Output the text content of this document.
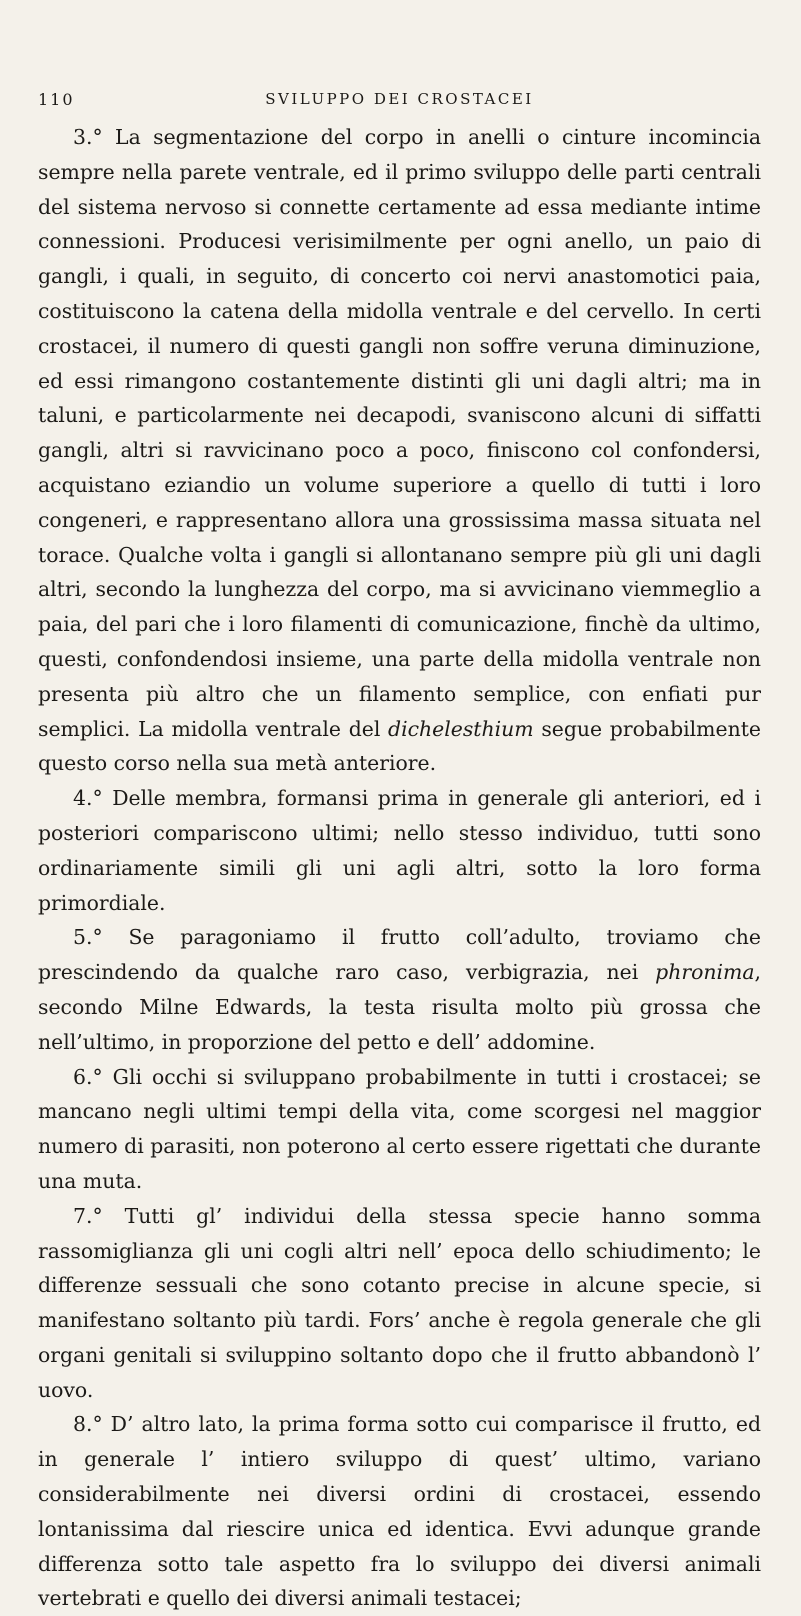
110	SVILUPPO DEI CROSTACEI

3.° La segmentazione del corpo in anelli o cinture incomincia sempre nella parete ventrale, ed il primo sviluppo delle parti centrali del sistema nervoso si connette certamente ad essa mediante intime connessioni. Producesi verisimilmente per ogni anello, un paio di gangli, i quali, in seguito, di concerto coi nervi anastomotici paia, costituiscono la catena della midolla ventrale e del cervello. In certi crostacei, il numero di questi gangli non soffre veruna diminuzione, ed essi rimangono costantemente distinti gli uni dagli altri; ma in taluni, e particolarmente nei decapodi, svaniscono alcuni di siffatti gangli, altri si ravvicinano poco a poco, finiscono col confondersi, acquistano eziandio un volume superiore a quello di tutti i loro congeneri, e rappresentano allora una grossissima massa situata nel torace. Qualche volta i gangli si allontanano sempre più gli uni dagli altri, secondo la lunghezza del corpo, ma si avvicinano viemmeglio a paia, del pari che i loro filamenti di comunicazione, finchè da ultimo, questi, confondendosi insieme, una parte della midolla ventrale non presenta più altro che un filamento semplice, con enfiati pur semplici. La midolla ventrale del dichelesthium segue probabilmente questo corso nella sua metà anteriore.

4.° Delle membra, formansi prima in generale gli anteriori, ed i posteriori compariscono ultimi; nello stesso individuo, tutti sono ordinariamente simili gli uni agli altri, sotto la loro forma primordiale.

5.° Se paragoniamo il frutto coll’adulto, troviamo che prescindendo da qualche raro caso, verbigrazia, nei phronima, secondo Milne Edwards, la testa risulta molto più grossa che nell’ultimo, in proporzione del petto e dell’ addomine.

6.° Gli occhi si sviluppano probabilmente in tutti i crostacei; se mancano negli ultimi tempi della vita, come scorgesi nel maggior numero di parasiti, non poterono al certo essere rigettati che durante una muta.

7.° Tutti gl’ individui della stessa specie hanno somma rassomiglianza gli uni cogli altri nell’ epoca dello schiudimento; le differenze sessuali che sono cotanto precise in alcune specie, si manifestano soltanto più tardi. Fors’ anche è regola generale che gli organi genitali si sviluppino soltanto dopo che il frutto abbandonò l’ uovo.

8.° D’ altro lato, la prima forma sotto cui comparisce il frutto, ed in generale l’ intiero sviluppo di quest’ ultimo, variano considerabilmente nei diversi ordini di crostacei, essendo lontanissima dal riescire unica ed identica. Evvi adunque grande differenza sotto tale aspetto fra lo sviluppo dei diversi animali vertebrati e quello dei diversi animali testacei;
